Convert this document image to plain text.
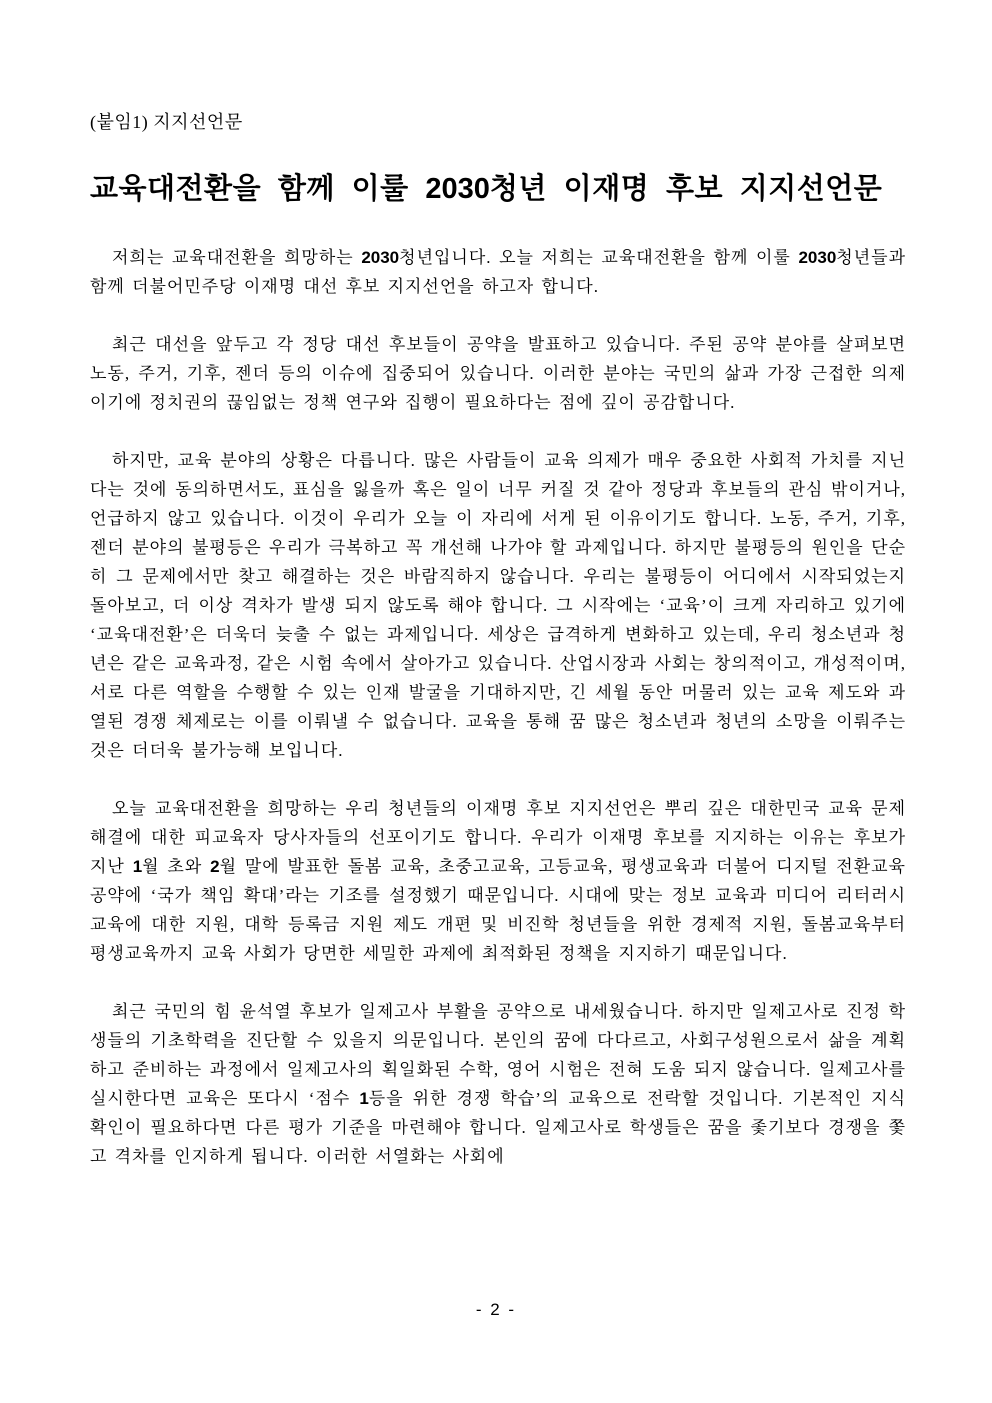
(붙임1) 지지선언문
교육대전환을 함께 이룰 2030청년 이재명 후보 지지선언문

저희는 교육대전환을 희망하는 2030청년입니다. 오늘 저희는 교육대전환을 함께 이룰 2030청년들과 함께 더불어민주당 이재명 대선 후보 지지선언을 하고자 합니다.

최근 대선을 앞두고 각 정당 대선 후보들이 공약을 발표하고 있습니다. 주된 공약 분야를 살펴보면 노동, 주거, 기후, 젠더 등의 이슈에 집중되어 있습니다. 이러한 분야는 국민의 삶과 가장 근접한 의제이기에 정치권의 끊임없는 정책 연구와 집행이 필요하다는 점에 깊이 공감합니다.

하지만, 교육 분야의 상황은 다릅니다. 많은 사람들이 교육 의제가 매우 중요한 사회적 가치를 지닌다는 것에 동의하면서도, 표심을 잃을까 혹은 일이 너무 커질 것 같아 정당과 후보들의 관심 밖이거나, 언급하지 않고 있습니다. 이것이 우리가 오늘 이 자리에 서게 된 이유이기도 합니다. 노동, 주거, 기후, 젠더 분야의 불평등은 우리가 극복하고 꼭 개선해 나가야 할 과제입니다. 하지만 불평등의 원인을 단순히 그 문제에서만 찾고 해결하는 것은 바람직하지 않습니다. 우리는 불평등이 어디에서 시작되었는지 돌아보고, 더 이상 격차가 발생 되지 않도록 해야 합니다. 그 시작에는 ‘교육’이 크게 자리하고 있기에 ‘교육대전환’은 더욱더 늦출 수 없는 과제입니다. 세상은 급격하게 변화하고 있는데, 우리 청소년과 청년은 같은 교육과정, 같은 시험 속에서 살아가고 있습니다. 산업시장과 사회는 창의적이고, 개성적이며, 서로 다른 역할을 수행할 수 있는 인재 발굴을 기대하지만, 긴 세월 동안 머물러 있는 교육 제도와 과열된 경쟁 체제로는 이를 이뤄낼 수 없습니다. 교육을 통해 꿈 많은 청소년과 청년의 소망을 이뤄주는 것은 더더욱 불가능해 보입니다.

오늘 교육대전환을 희망하는 우리 청년들의 이재명 후보 지지선언은 뿌리 깊은 대한민국 교육 문제 해결에 대한 피교육자 당사자들의 선포이기도 합니다. 우리가 이재명 후보를 지지하는 이유는 후보가 지난 1월 초와 2월 말에 발표한 돌봄 교육, 초중고교육, 고등교육, 평생교육과 더불어 디지털 전환교육 공약에 ‘국가 책임 확대’라는 기조를 설정했기 때문입니다. 시대에 맞는 정보 교육과 미디어 리터러시 교육에 대한 지원, 대학 등록금 지원 제도 개편 및 비진학 청년들을 위한 경제적 지원, 돌봄교육부터 평생교육까지 교육 사회가 당면한 세밀한 과제에 최적화된 정책을 지지하기 때문입니다.

최근 국민의 힘 윤석열 후보가 일제고사 부활을 공약으로 내세웠습니다. 하지만 일제고사로 진정 학생들의 기초학력을 진단할 수 있을지 의문입니다. 본인의 꿈에 다다르고, 사회구성원으로서 삶을 계획하고 준비하는 과정에서 일제고사의 획일화된 수학, 영어 시험은 전혀 도움 되지 않습니다. 일제고사를 실시한다면 교육은 또다시 ‘점수 1등을 위한 경쟁 학습’의 교육으로 전락할 것입니다. 기본적인 지식 확인이 필요하다면 다른 평가 기준을 마련해야 합니다. 일제고사로 학생들은 꿈을 좇기보다 경쟁을 쫓고 격차를 인지하게 됩니다. 이러한 서열화는 사회에

- 2 -
